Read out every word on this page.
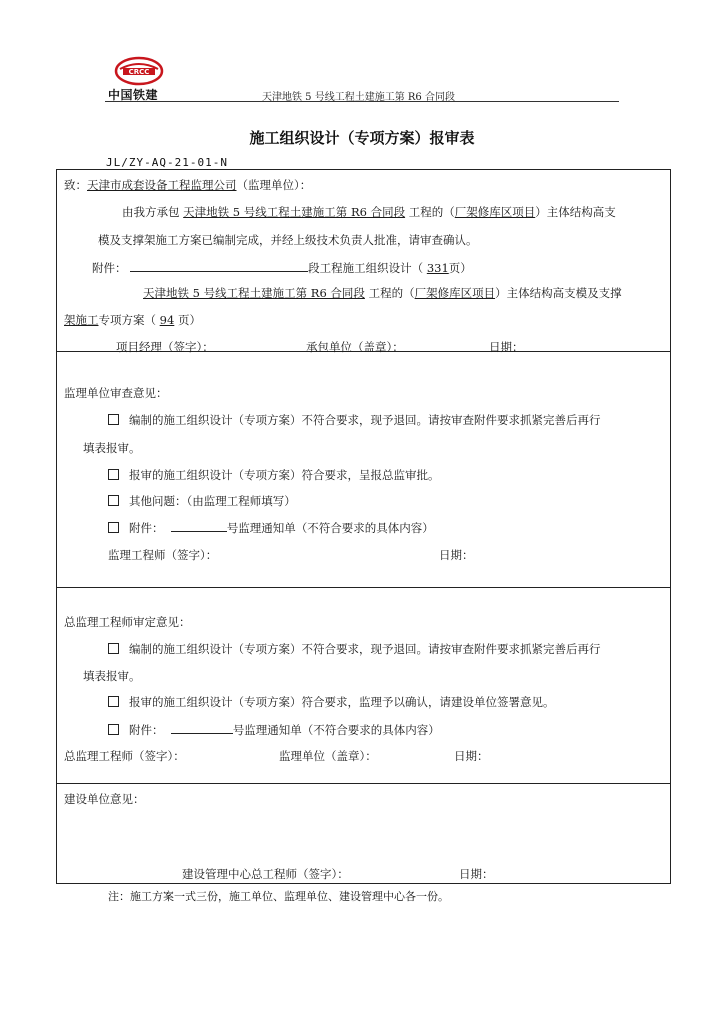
CRCC
中国铁建	天津地铁 5 号线工程土建施工第 R6 合同段
施工组织设计（专项方案）报审表
JL/ZY-AQ-21-01-N
致：天津市成套设备工程监理公司（监理单位）：
由我方承包 天津地铁 5 号线工程土建施工第 R6 合同段 工程的（厂架修库区项目）主体结构高支
模及支撑架施工方案已编制完成，并经上级技术负责人批准，请审查确认。
附件：	段工程施工组织设计（ 331页）
天津地铁 5 号线工程土建施工第 R6 合同段 工程的（厂架修库区项目）主体结构高支模及支撑
架施工专项方案（ 94 页）
项目经理（签字）：	承包单位（盖章）：	日期：
监理单位审查意见：
编制的施工组织设计（专项方案）不符合要求，现予退回。请按审查附件要求抓紧完善后再行
填表报审。
报审的施工组织设计（专项方案）符合要求，呈报总监审批。
其他问题：（由监理工程师填写）
附件：	号监理通知单（不符合要求的具体内容）
监理工程师（签字）：	日期：
总监理工程师审定意见：
编制的施工组织设计（专项方案）不符合要求，现予退回。请按审查附件要求抓紧完善后再行
填表报审。
报审的施工组织设计（专项方案）符合要求，监理予以确认，请建设单位签署意见。
附件：	号监理通知单（不符合要求的具体内容）
总监理工程师（签字）：	监理单位（盖章）：	日期：
建设单位意见：
建设管理中心总工程师（签字）：	日期：
注：施工方案一式三份，施工单位、监理单位、建设管理中心各一份。
